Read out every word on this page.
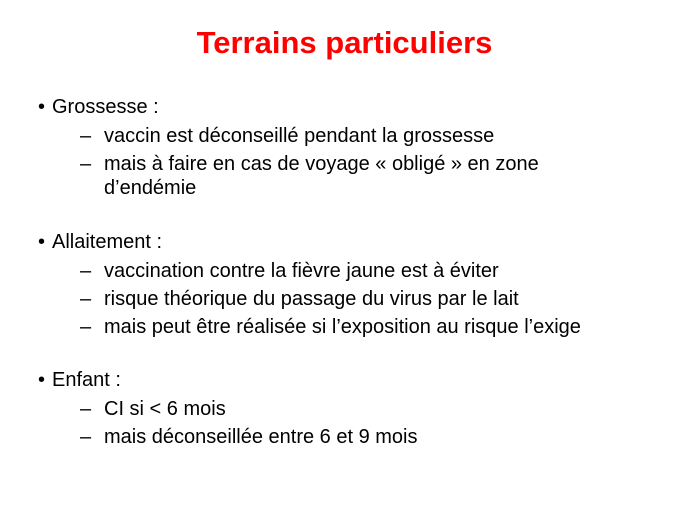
Terrains particuliers
• Grossesse :
– vaccin est déconseillé pendant la grossesse
– mais à faire en cas de voyage « obligé » en zone
d’endémie
• Allaitement :
– vaccination contre la fièvre jaune est à éviter
– risque théorique du passage du virus par le lait
– mais peut être réalisée si l’exposition au risque l’exige
• Enfant :
– CI si < 6 mois
– mais déconseillée entre 6 et 9 mois
